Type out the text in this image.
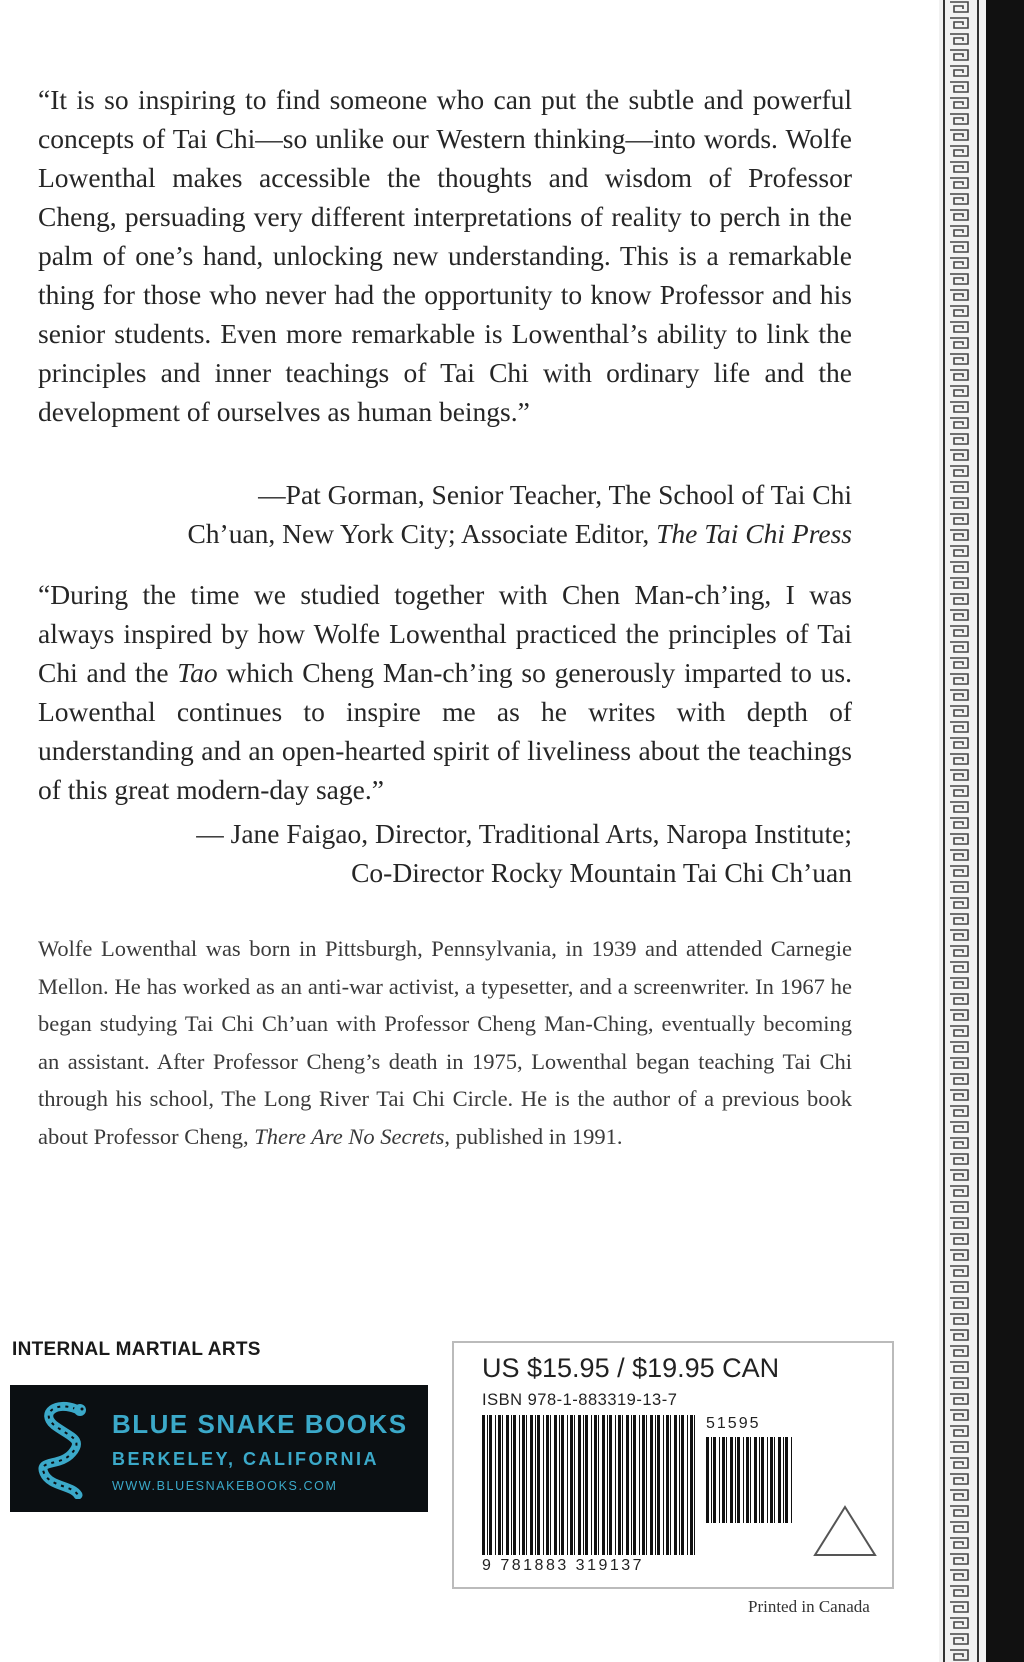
“It is so inspiring to find someone who can put the subtle and powerful concepts of Tai Chi—so unlike our Western thinking—into words. Wolfe Lowenthal makes accessible the thoughts and wisdom of Professor Cheng, persuading very different interpretations of reality to perch in the palm of one’s hand, unlocking new understanding. This is a remarkable thing for those who never had the opportunity to know Professor and his senior students. Even more remarkable is Lowenthal’s ability to link the principles and inner teachings of Tai Chi with ordinary life and the development of ourselves as human beings.”

—Pat Gorman, Senior Teacher, The School of Tai Chi
Ch’uan, New York City; Associate Editor, The Tai Chi Press

“During the time we studied together with Chen Man-ch’ing, I was always inspired by how Wolfe Lowenthal practiced the principles of Tai Chi and the Tao which Cheng Man-ch’ing so generously imparted to us. Lowenthal continues to inspire me as he writes with depth of understanding and an open-hearted spirit of liveliness about the teachings of this great modern-day sage.”

— Jane Faigao, Director, Traditional Arts, Naropa Institute;
Co-Director Rocky Mountain Tai Chi Ch’uan

Wolfe Lowenthal was born in Pittsburgh, Pennsylvania, in 1939 and attended Carnegie Mellon. He has worked as an anti-war activist, a typesetter, and a screenwriter. In 1967 he began studying Tai Chi Ch’uan with Professor Cheng Man-Ching, eventually becoming an assistant. After Professor Cheng’s death in 1975, Lowenthal began teaching Tai Chi through his school, The Long River Tai Chi Circle. He is the author of a previous book about Professor Cheng, There Are No Secrets, published in 1991.

INTERNAL MARTIAL ARTS
BLUE SNAKE BOOKS
BERKELEY, CALIFORNIA
WWW.BLUESNAKEBOOKS.COM
US $15.95 / $19.95 CAN
ISBN 978-1-883319-13-7
51595
9 781883 319137
Printed in Canada
